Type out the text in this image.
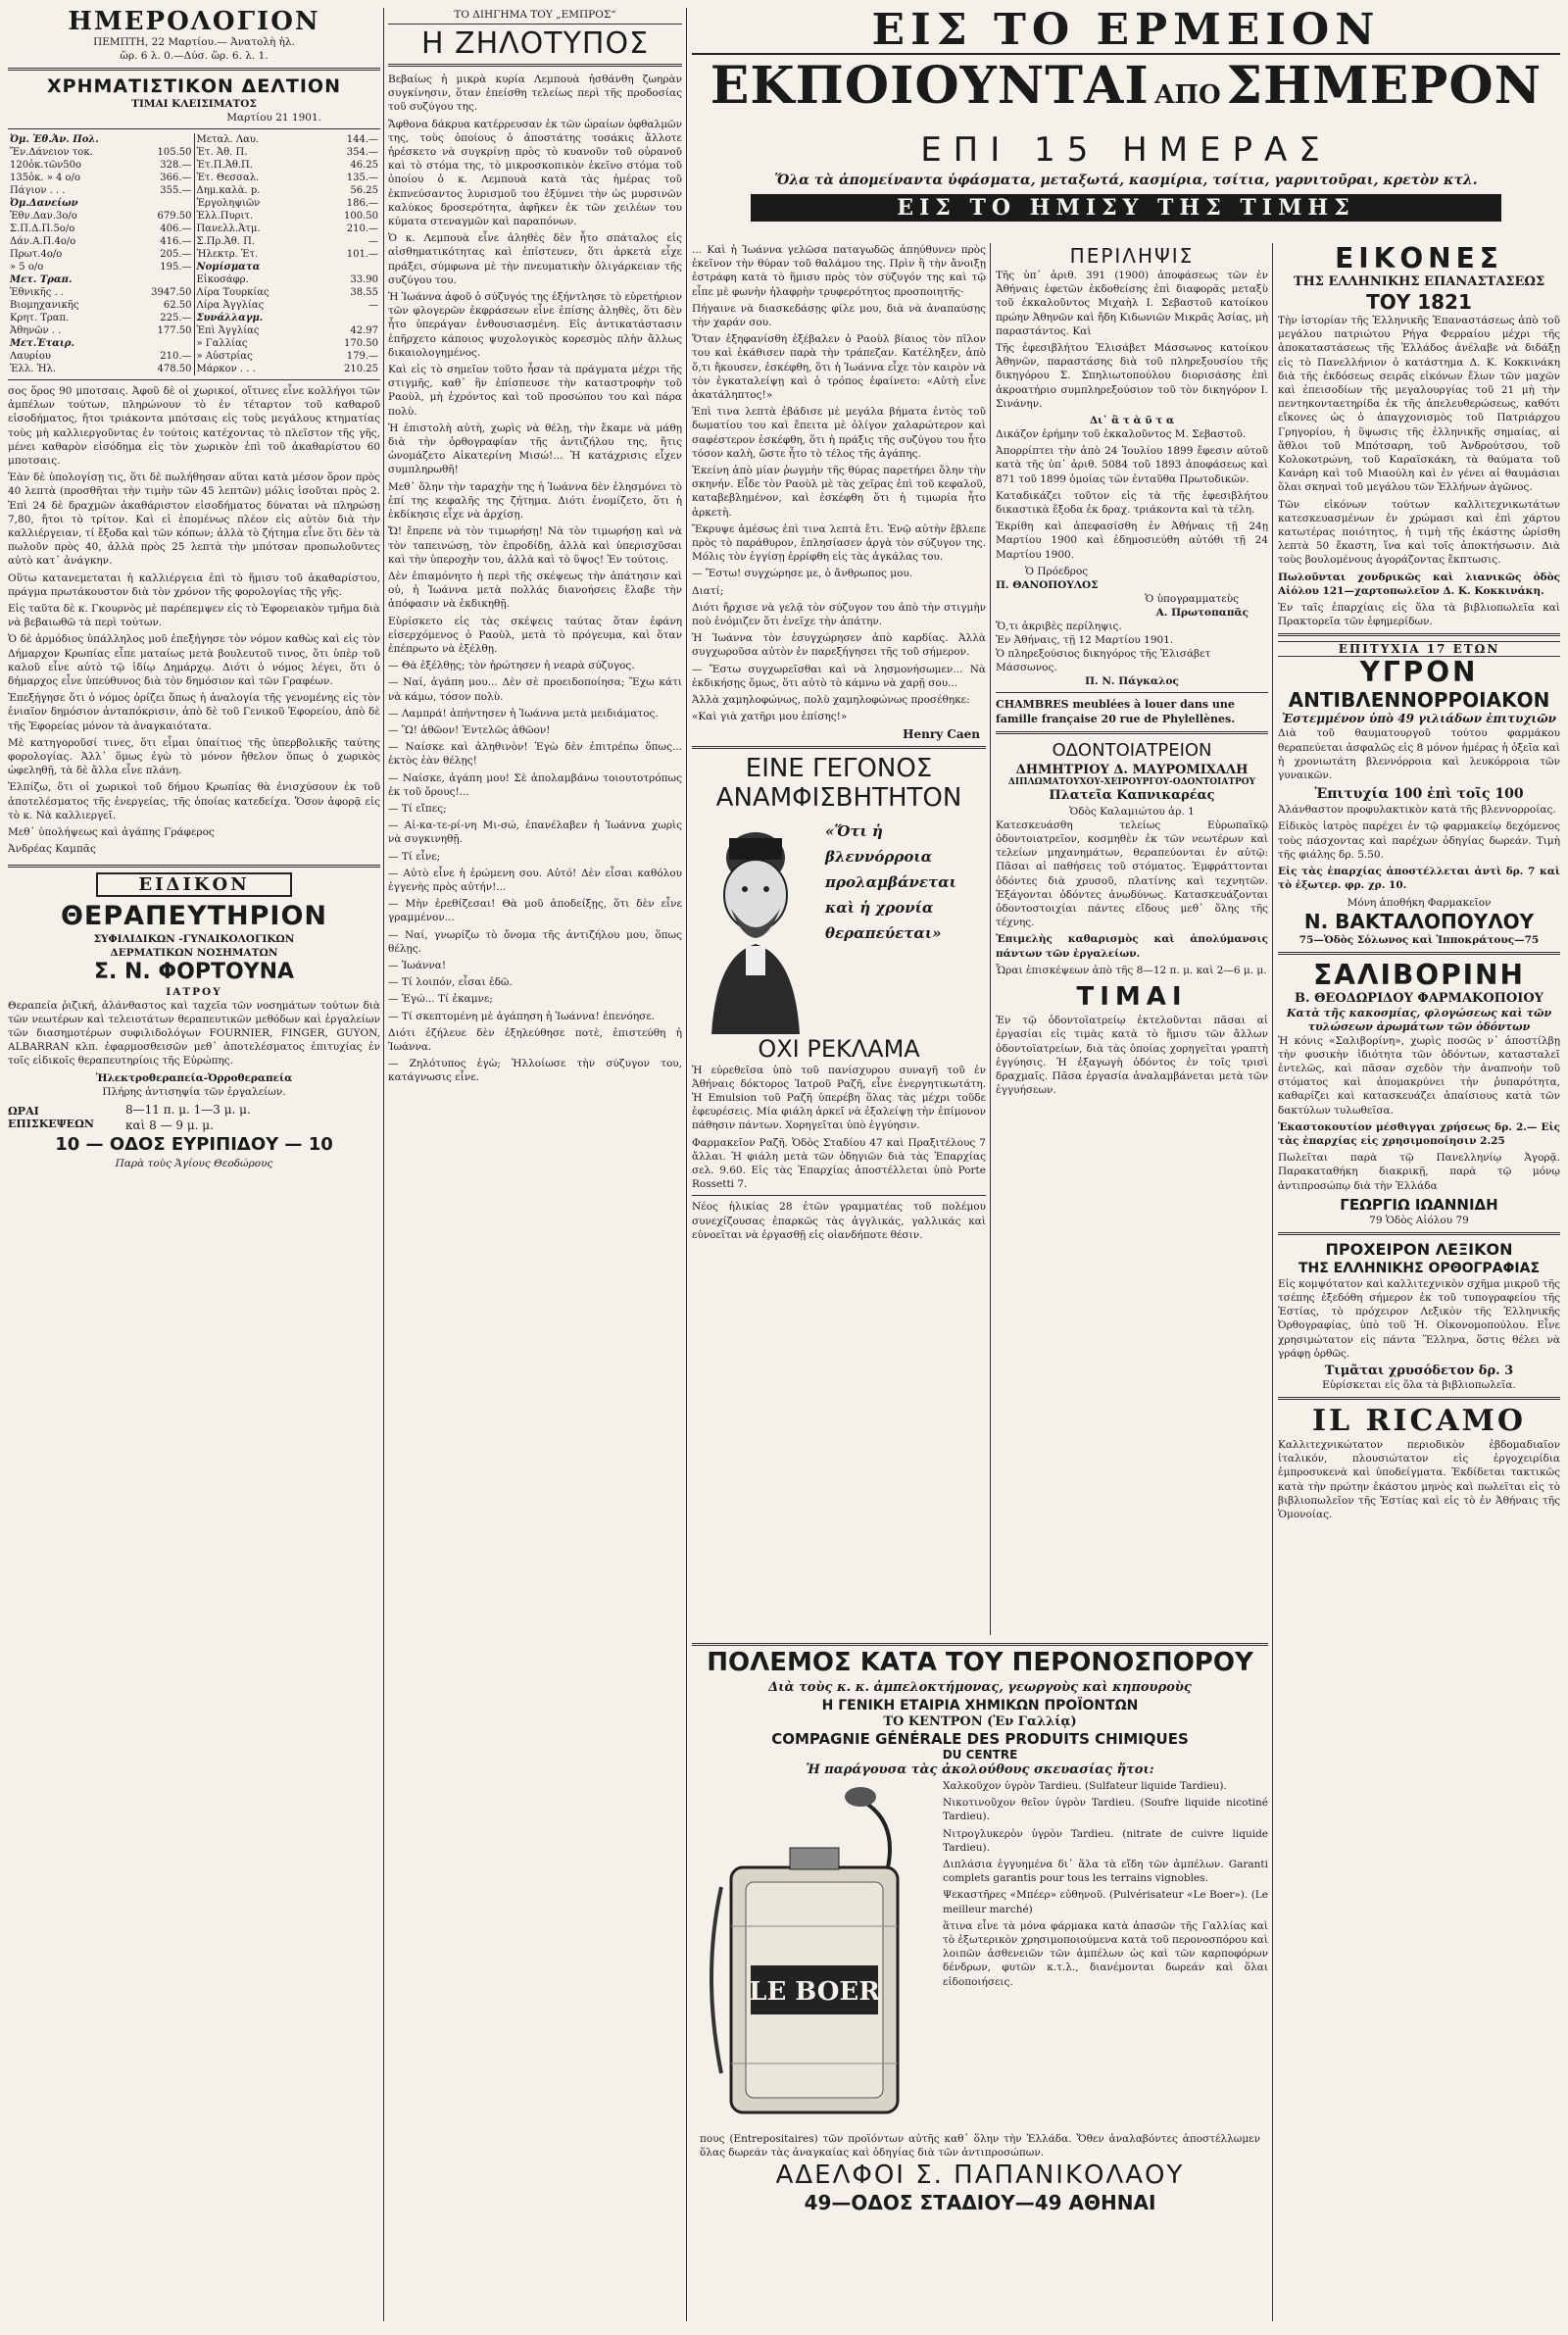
ΗΜΕΡΟΛΟΓΙΟΝ
ΠΕΜΠΤΗ, 22 Μαρτίου.— Ἀνατολὴ ἡλ.
ὥρ. 6 λ. 0.—Δύσ. ὥρ. 6. λ. 1.
ΧΡΗΜΑΤΙΣΤΙΚΟΝ ΔΕΛΤΙΟΝ
ΤΙΜΑΙ ΚΛΕΙΣΙΜΑΤΟΣ
Μαρτίου 21 1901.
Ὀμ. Ἐθ.Ἀν. Πολ.	
Ἔν.Δάνειον τοκ.	105.50
120ὁκ.τῶν50ο	328.—
135ὁκ. » 4 ο/ο	366.—
Πάγιον . . .	355.—
Ὀμ.Δανείων	
Ἐθν.Δαν.3ο/ο	679.50
Σ.Π.Δ.Π.5ο/ο	406.—
Δάν.Α.Π.4ο/ο	416.—
Πρωτ.4ο/ο	205.—
» 5 ο/ο	195.—
Μετ. Τραπ.	
Ἐθνικῆς . .	3947.50
Βιομηχανικῆς	62.50
Κρητ. Τραπ.	225.—
Ἀθηνῶν . .	177.50
Μετ.Ἑταιρ.	
Λαυρίου	210.—
Ἐλλ. Ἡλ.	478.50
Μεταλ. Λαυ.	144.—
Ἐτ. Ἀθ. Π.	354.—
Ἐτ.Π.Ἀθ.Π.	46.25
Ἐτ. Θεσσαλ.	135.—
Δημ.καλὰ. p.	56.25
Ἐργοληψιῶν	186.—
Ἑλλ.Πυριτ.	100.50
Πανελλ.Ἀτμ.	210.—
Σ.Πρ.Ἀθ. Π.	—
Ἠλεκτρ. Ἐτ.	101.—
Νομίσματα	
Εἰκοσάφρ.	33.90
Λίρα Τουρκίας	38.55
Λίρα Ἀγγλίας	—
Συνάλλαγμ.	
Ἐπὶ Ἀγγλίας	42.97
» Γαλλίας	170.50
» Αὐστρίας	179.—
Μάρκον . . .	210.25

σος ὅρος 90 μποτσαις. Ἀφοῦ δὲ οἱ χωρικοί, οἵτινες εἶνε κολλήγοι τῶν ἀμπέλων τούτων, πληρώνουν τὸ ἐν τέταρτον τοῦ καθαροῦ εἰσοδήματος, ἤτοι τριάκοντα μπότσαις εἰς τοὺς μεγάλους κτηματίας τοὺς μὴ καλλιεργοῦντας ἐν τούτοις κατέχοντας τὸ πλεῖστον τῆς γῆς, μένει καθαρὸν εἰσόδημα εἰς τὸν χωρικὸν ἐπὶ τοῦ ἀκαθαρίστου 60 μποτσαις.

Ἐὰν δὲ ὑπολογίσῃ τις, ὅτι δὲ πωλήθησαν αὕται κατὰ μέσον ὅρον πρὸς 40 λεπτὰ (προσθῆται τὴν τιμὴν τῶν 45 λεπτῶν) μόλις ἰσοῦται πρὸς 2. Ἐπὶ 24 δὲ δραχμῶν ἀκαθάριστον εἰσοδήματος δύναται νὰ πληρώσῃ 7,80, ἤτοι τὸ τρίτον. Καὶ εἰ ἐπομένως πλέον εἰς αὐτὸν διὰ τὴν καλλιέργειαν, τί ἔξοδα καὶ τῶν κόπων; ἀλλὰ τὸ ζήτημα εἶνε ὅτι δὲν τὰ πωλοῦν πρὸς 40, ἀλλὰ πρὸς 25 λεπτὰ τὴν μπότσαν προπωλοῦντες αὐτὸ κατ᾽ ἀνάγκην.

Οὕτω κατανεμεταται ἡ καλλιέργεια ἐπὶ τὸ ἥμισυ τοῦ ἀκαθαρίστου, πράγμα πρωτάκουστον διὰ τὸν χρόνον τῆς φορολογίας τῆς γῆς.

Εἰς ταῦτα δὲ κ. Γκουρνὸς μὲ παρέπεμψεν εἰς τὸ Ἐφορειακὸν τμῆμα διὰ νὰ βεβαιωθῶ τὰ περὶ τούτων.

Ὁ δὲ ἁρμόδιος ὑπάλληλος μοῦ ἐπεξήγησε τὸν νόμον καθὼς καὶ εἰς τὸν Δήμαρχον Κρωπίας εἶπε ματαίως μετὰ βουλευτοῦ τινος, ὅτι ὑπὲρ τοῦ καλοῦ εἶνε αὐτὸ τῷ ἰδίῳ Δημάρχῳ. Διότι ὁ νόμος λέγει, ὅτι ὁ δήμαρχος εἶνε ὑπεύθυνος διὰ τὸν δημόσιον καὶ τῶν Γραφέων.

Ἐπεξήγησε ὅτι ὁ νόμος ὁρίζει ὅπως ἡ ἀναλογία τῆς γενομένης εἰς τὸν ἐνιαῖον δημόσιον ἀνταπόκρισιν, ἀπὸ δὲ τοῦ Γενικοῦ Ἐφορείου, ἀπὸ δὲ τῆς Ἐφορείας μόνον τὰ ἀναγκαιότατα.

Μὲ κατηγοροῦσί τινες, ὅτι εἶμαι ὑπαίτιος τῆς ὑπερβολικῆς ταύτης φορολογίας. Ἀλλ᾽ ὅμως ἐγὼ τὸ μόνον ἤθελον ὅπως ὁ χωρικὸς ὠφεληθῇ, τὰ δὲ ἄλλα εἶνε πλάνη.

Ἐλπίζω, ὅτι οἱ χωρικοὶ τοῦ δήμου Κρωπίας θὰ ἐνισχύσουν ἐκ τοῦ ἀποτελέσματος τῆς ἐνεργείας, τῆς ὁποίας κατεδείχα. Ὅσον ἀφορᾷ εἰς τὸ κ. Νὰ καλλιεργεῖ.

Μεθ᾽ ὑπολήψεως καὶ ἀγάπης Γράφερος

Ἀνδρέας Καμπᾶς

ΕΙΔΙΚΟΝ
ΘΕΡΑΠΕΥΤΗΡΙΟΝ
ΣΥΦΙΛΙΔΙΚΩΝ -ΓΥΝΑΙΚΟΛΟΓΙΚΩΝ
ΔΕΡΜΑΤΙΚΩΝ ΝΟΣΗΜΑΤΩΝ
Σ. Ν. ΦΟΡΤΟΥΝΑ
ΙΑΤΡΟΥ

Θεραπεία ῥιζική, ἀλάνθαστος καὶ ταχεῖα τῶν νοσημάτων τούτων διὰ τῶν νεωτέρων καὶ τελειοτάτων θεραπευτικῶν μεθόδων καὶ ἐργαλείων τῶν διασημοτέρων συφιλιδολόγων FOURNIER, FINGER, GUYON, ALBARRAN κλπ. ἐφαρμοσθεισῶν μεθ᾽ ἀποτελέσματος ἐπιτυχίας ἐν τοῖς εἰδικοῖς θεραπευτηρίοις τῆς Εὐρώπης.

Ἠλεκτροθεραπεία-Ὀρροθεραπεία
Πλήρης ἀντισηψία τῶν ἐργαλείων.
ΩΡΑΙ ΕΠΙΣΚΕΨΕΩΝ
8—11 π. μ. 1—3 μ. μ.
καὶ 8 — 9 μ. μ.
10 — ΟΔΟΣ ΕΥΡΙΠΙΔΟΥ — 10
Παρὰ τοὺς Ἁγίους Θεοδώρους
ΤΟ ΔΙΗΓΗΜΑ ΤΟΥ „ΕΜΠΡΟΣ“
Η ΖΗΛΟΤΥΠΟΣ

Βεβαίως ἡ μικρὰ κυρία Λεμπουὰ ἠσθάνθη ζωηρὰν συγκίνησιν, ὅταν ἐπείσθη τελείως περὶ τῆς προδοσίας τοῦ συζύγου της.

Ἄφθονα δάκρυα κατέρρευσαν ἐκ τῶν ὡραίων ὀφθαλμῶν της, τοὺς ὁποίους ὁ ἀποστάτης τοσάκις ἄλλοτε ἠρέσκετο νὰ συγκρίνῃ πρὸς τὸ κυανοῦν τοῦ οὐρανοῦ καὶ τὸ στόμα της, τὸ μικροσκοπικὸν ἐκεῖνο στόμα τοῦ ὁποίου ὁ κ. Λεμπουὰ κατὰ τὰς ἡμέρας τοῦ ἐκπνεύσαντος λυρισμοῦ του ἐξύμνει τὴν ὡς μυρσινῶν καλύκος δροσερότητα, ἀφῆκεν ἐκ τῶν χειλέων του κύματα στεναγμῶν καὶ παραπόνων.

Ὁ κ. Λεμπουὰ εἶνε ἀληθὲς δὲν ἦτο σπάταλος εἰς αἰσθηματικότητας καὶ ἐπίστευεν, ὅτι ἀρκετὰ εἶχε πράξει, σύμφωνα μὲ τὴν πνευματικὴν ὀλιγάρκειαν τῆς συζύγου του.

Ἡ Ἰωάννα ἀφοῦ ὁ σύζυγός της ἐξήντλησε τὸ εὐρετήριον τῶν φλογερῶν ἐκφράσεων εἶνε ἐπίσης ἀληθὲς, ὅτι δὲν ἦτο ὑπεράγαν ἐνθουσιασμένη. Εἰς ἀντικατάστασιν ἐπῆρχετο κάποιος ψυχολογικὸς κορεσμὸς πλὴν ἄλλως δικαιολογημένος.

Καὶ εἰς τὸ σημεῖον τοῦτο ἦσαν τὰ πράγματα μέχρι τῆς στιγμῆς, καθ᾽ ἣν ἐπίσπευσε τὴν καταστροφὴν τοῦ Ραοὺλ, μὴ ἐχρόντος καὶ τοῦ προσώπου του καὶ πάρα πολὺ.

Ἡ ἐπιστολὴ αὐτὴ, χωρὶς νὰ θέλῃ, τὴν ἔκαμε νὰ μάθῃ διὰ τὴν ὀρθογραφίαν τῆς ἀντιζήλου της, ἥτις ὠνομάζετο Αἰκατερίνη Μισώ!... Ἡ κατάχρισις εἶχεν συμπληρωθῆ!

Μεθ᾽ ὅλην τὴν ταραχὴν της ἡ Ἰωάννα δὲν ἐλησμόνει τὸ ἐπί της κεφαλῆς της ζήτημα. Διότι ἐνομίζετο, ὅτι ἡ ἐκδίκησις εἶχε νὰ ἀρχίσῃ.

Ὤ! ἔπρεπε νὰ τὸν τιμωρήσῃ! Νὰ τὸν τιμωρήσῃ καὶ νὰ τὸν ταπεινώσῃ, τὸν ἐπροδίδῃ, ἀλλὰ καὶ ὑπερισχῦσαι καὶ τὴν ὑπεροχὴν του, ἀλλὰ καὶ τὸ ὕψος! Ἐν τούτοις.

Δὲν ἐπιαμόνητο ἡ περὶ τῆς σκέψεως τὴν ἀπάτησιν καὶ οὐ, ἡ Ἰωάννα μετὰ πολλάς διανοήσεις ἔλαβε τὴν ἀπόφασιν νὰ ἐκδικηθῇ.

Εὑρίσκετο εἰς τὰς σκέψεις ταύτας ὅταν ἐφάνη εἰσερχόμενος ὁ Ραοὺλ, μετὰ τὸ πρόγευμα, καὶ ὅταν ἐπέπρωτο νὰ ἐξέλθῃ.

— Θὰ ἐξέλθῃς; τὸν ἠρώτησεν ἡ νεαρὰ σύζυγος.

— Ναί, ἀγάπη μου... Δὲν σὲ προειδοποίησα; Ἔχω κάτι νὰ κάμω, τόσον πολὺ.

— Λαμπρά! ἀπήντησεν ἡ Ἰωάννα μετὰ μειδιάματος.

— Ὢ! ἀθῶον! Ἐντελῶς ἀθῶον!

— Ναίσκε καὶ ἀληθινὸν! Ἐγὼ δὲν ἐπιτρέπω ὅπως... ἐκτὸς ἐὰν θέλῃς!

— Ναίσκε, ἀγάπη μου! Σὲ ἀπολαμβάνω τοιουτοτρόπως ἐκ τοῦ ὄρους!...

— Τί εἴπες;

— Αἱ-κα-τε-ρί-νη Μι-σώ, ἐπανέλαβεν ἡ Ἰωάννα χωρὶς νὰ συγκινηθῇ.

— Τί εἶνε;

— Αὐτὸ εἶνε ἡ ἐρώμενη σου. Αὐτό! Δὲν εἶσαι καθόλου ἐγγενὴς πρὸς αὐτήν!...

— Μὴν ἐρεθίζεσαι! Θὰ μοῦ ἀποδείξῃς, ὅτι δὲν εἶνε γραμμένον...

— Ναί, γνωρίζω τὸ ὄνομα τῆς ἀντιζήλου μου, ὅπως θέλῃς.

— Ἰωάννα!

— Τί λοιπόν, εἶσαι ἐδῶ.

— Ἐγώ... Τί ἐκαμνε;

— Τί σκεπτομένη μὲ ἀγάπηση ἡ Ἰωάννα! ἐπενόησε.

Διότι ἐζήλευε δὲν ἐξηλεύθησε ποτὲ, ἐπιστεύθη ἡ Ἰωάννα.

— Ζηλότυπος ἐγὼ; Ἠλλοίωσε τὴν σύζυγον του, κατάγνωσις εἶνε.

ΕΙΣ ΤΟ ΕΡΜΕΙΟΝ
ΕΚΠΟΙΟΥΝΤΑΙ ΑΠΟ ΣΗΜΕΡΟΝ
ΕΠΙ 15 ΗΜΕΡΑΣ
Ὅλα τὰ ἀπομείναντα ὑφάσματα, μεταξωτά, κασμίρια, τσίτια, γαρνιτοῦραι, κρετὸν κτλ.
ΕΙΣ ΤΟ ΗΜΙΣΥ ΤΗΣ ΤΙΜΗΣ

... Καὶ ἡ Ἰωάννα γελῶσα παταγωδῶς ἀπηύθυνεν πρὸς ἐκεῖνον τὴν θύραν τοῦ θαλάμου της. Πρὶν ἢ τὴν ἄνοιξῃ ἐστράφη κατὰ τὸ ἥμισυ πρὸς τὸν σύζυγόν της καὶ τῷ εἶπε μὲ φωνὴν ἠλαφρὴν τρυφερότητος προσποιητῆς·

Πήγαινε νὰ διασκεδάσῃς φίλε μου, διὰ νὰ ἀναπαύσῃς τὴν χαράν σου.

Ὅταν ἐξηφανίσθη ἐξέβαλεν ὁ Ραοὺλ βίαιος τὸν πῖλον του καὶ ἐκάθισεν παρὰ τὴν τράπεζαν. Κατέληξεν, ἀπὸ ὅ,τι ἤκουσεν, ἐσκέφθη, ὅτι ἡ Ἰωάννα εἶχε τὸν καιρὸν νὰ τὸν ἐγκαταλείψῃ καὶ ὁ τρόπος ἐφαίνετο: «Αὐτὴ εἶνε ἀκατάληπτος!»

Ἐπὶ τινα λεπτὰ ἐβάδισε μὲ μεγάλα βήματα ἐντὸς τοῦ δωματίου του καὶ ἔπειτα μὲ ὀλίγον χαλαρώτερον καὶ σαφέστερον ἐσκέφθη, ὅτι ἡ πράξις τῆς συζύγου του ἦτο τόσον καλὴ, ὥστε ἦτο τὸ τέλος τῆς ἀγάπης.

Ἐκείνη ἀπὸ μίαν ῥωγμὴν τῆς θύρας παρετήρει ὅλην τὴν σκηνήν. Εἶδε τὸν Ραοὺλ μὲ τὰς χεῖρας ἐπὶ τοῦ κεφαλοῦ, καταβεβλημένον, καὶ ἐσκέφθη ὅτι ἡ τιμωρία ἦτο ἀρκετὴ.

Ἔκρυψε ἀμέσως ἐπὶ τινα λεπτὰ ἔτι. Ἐνῷ αὐτὴν ἔβλεπε πρὸς τὸ παράθυρον, ἐπλησίασεν ἀργὰ τὸν σύζυγον της. Μόλις τὸν ἐγγίσῃ ἐρρίφθη εἰς τὰς ἀγκάλας του.

— Ἔστω! συγχώρησε με, ὁ ἄνθρωπος μου.

Διατί;

Διότι ἤρχισε νὰ γελᾷ τὸν σύζυγον του ἀπὸ τὴν στιγμὴν ποὺ ἐνόμιζεν ὅτι ἐνεῖχε τὴν ἀπάτην.

Ἡ Ἰωάννα τὸν ἐσυγχώρησεν ἀπὸ καρδίας. Ἀλλὰ συγχωροῦσα αὐτὸν ἐν παρεξήγησει τῆς τοῦ σήμερον.

— Ἔστω συγχωρεῖσθαι καὶ νὰ λησμονήσωμεν... Νὰ ἐκδικήσῃς ὅμως, ὅτι αὐτὸ τὸ κάμνω νὰ χαρῇ σου...

Ἀλλὰ χαμηλοφώνως, πολὺ χαμηλοφώνως προσέθηκε:

«Καὶ γιὰ χατῆρι μου ἐπίσης!»

Henry Caen
ΕΙΝΕ ΓΕΓΟΝΟΣ
ΑΝΑΜΦΙΣΒΗΤΗΤΟΝ
«Ὅτι ἡ βλεννόρροια προλαμβάνεται καὶ ἡ χρονία θεραπεύεται»
ΟΧΙ ΡΕΚΛΑΜΑ

Ἡ εὐρεθεῖσα ὑπὸ τοῦ πανίσχυρου συναγῆ τοῦ ἐν Ἀθήναις δόκτορος Ἰατροῦ Ραζῆ, εἶνε ἐνεργητικωτάτη. Ἡ Emulsion τοῦ Ραζῆ ὑπερέβη ὅλας τὰς μέχρι τοῦδε ἐφευρέσεις. Μία φιάλη ἀρκεῖ νὰ ἐξαλείψῃ τὴν ἐπίμονον πάθησιν πάντων. Χορηγεῖται ὑπὸ ἐγγύησιν.

Φαρμακεῖον Ραζῆ. Ὁδὸς Σταδίου 47 καὶ Πραξιτέλους 7 ἄλλαι. Ἡ φιάλη μετὰ τῶν ὁδηγιῶν διὰ τὰς Ἐπαρχίας σελ. 9.60. Εἰς τὰς Ἐπαρχίας ἀποστέλλεται ὑπὸ Porte Rossetti 7.

Νέος ἡλικίας 28 ἐτῶν γραμματέας τοῦ πολέμου συνεχίζουσας ἐπαρκῶς τὰς ἀγγλικάς, γαλλικάς καὶ εὐνοεῖται νὰ ἐργασθῇ εἰς οἱανδήποτε θέσιν.

ΠΕΡΙΛΗΨΙΣ

Τῆς ὑπ᾽ ἀριθ. 391 (1900) ἀποφάσεως τῶν ἐν Ἀθήναις ἐφετῶν ἐκδοθείσης ἐπὶ διαφορᾶς μεταξὺ τοῦ ἐκκαλοῦντος Μιχαὴλ Ι. Σεβαστοῦ κατοίκου πρώην Ἀθηνῶν καὶ ἤδη Κιδωνιῶν Μικρᾶς Ἀσίας, μὴ παραστάντος. Καὶ

Τῆς ἐφεσιβλήτου Ἐλισάβετ Μάσσωνος κατοίκου Ἀθηνῶν, παραστάσης διὰ τοῦ πληρεξουσίου τῆς δικηγόρου Σ. Σπηλιωτοπούλου διορισάσης ἐπὶ ἀκροατήριο συμπληρεξούσιον τοῦ τὸν δικηγόρον Ι. Σινάνην.

Δι᾽ ἃ τ ὰ ῦ τ α

Δικάζον ἐρήμην τοῦ ἐκκαλοῦντος Μ. Σεβαστοῦ.

Ἀπορρίπτει τὴν ἀπὸ 24 Ἰουλίου 1899 ἔφεσιν αὐτοῦ κατὰ τῆς ὑπ᾽ ἀριθ. 5084 τοῦ 1893 ἀποφάσεως καὶ 871 τοῦ 1899 ὁμοίας τῶν ἐνταῦθα Πρωτοδικῶν.

Καταδικάζει τοῦτον εἰς τὰ τῆς ἐφεσιβλήτου δικαστικὰ ἔξοδα ἐκ δραχ. τριάκοντα καὶ τὰ τέλη.

Ἐκρίθη καὶ ἀπεφασίσθη ἐν Ἀθήναις τῇ 24ῃ Μαρτίου 1900 καὶ ἐδημοσιεύθη αὐτόθι τῇ 24 Μαρτίου 1900.

Ὁ Πρόεδρος
Π. ΘΑΝΟΠΟΥΛΟΣ
Ὁ ὑπογραμματεὺς
Α. Πρωτοπαπᾶς
Ὅ,τι ἀκριβὲς περίληψις.
Ἐν Ἀθήναις, τῇ 12 Μαρτίου 1901.
Ὁ πληρεξούσιος δικηγόρος τῆς Ἐλισάβετ Μάσσωνος.
Π. Ν. Πάγκαλος
CHAMBRES meublées à louer dans une famille française 20 rue de Phylellènes.
ΟΔΟΝΤΟΙΑΤΡΕΙΟΝ
ΔΗΜΗΤΡΙΟΥ Δ. ΜΑΥΡΟΜΙΧΑΛΗ
ΔΙΠΛΩΜΑΤΟΥΧΟΥ-ΧΕΙΡΟΥΡΓΟΥ-ΟΔΟΝΤΟΙΑΤΡΟΥ
Πλατεῖα Καπνικαρέας
Ὁδὸς Καλαμιώτου ἀρ. 1

Κατεσκευάσθη τελείως Εὐρωπαϊκῷ ὀδοντοιατρεῖον, κοσμηθὲν ἐκ τῶν νεωτέρων καὶ τελείων μηχανημάτων, θεραπεύονται ἐν αὐτῷ: Πᾶσαι αἱ παθήσεις τοῦ στόματος. Ἐμφράττονται ὀδόντες διὰ χρυσοῦ, πλατίνης καὶ τεχνητῶν. Ἐξάγονται ὀδόντες ἀνωδύνως. Κατασκευάζονται ὀδοντοστοιχίαι πάντες εἴδους μεθ᾽ ὅλης τῆς τέχνης.

Ἐπιμελὴς καθαρισμὸς καὶ ἀπολύμανσις πάντων τῶν ἐργαλείων.

Ὧραι ἐπισκέψεων ἀπὸ τῆς 8—12 π. μ. καὶ 2—6 μ. μ.

ΤΙΜΑΙ

Ἐν τῷ ὀδοντοϊατρείῳ ἐκτελοῦνται πᾶσαι αἱ ἐργασίαι εἰς τιμὰς κατὰ τὸ ἥμισυ τῶν ἄλλων ὀδοντοϊατρείων, διὰ τὰς ὁποίας χορηγεῖται γραπτὴ ἐγγύησις. Ἡ ἐξαγωγὴ ὀδόντος ἐν τοῖς τρισὶ δραχμαῖς. Πᾶσα ἐργασία ἀναλαμβάνεται μετὰ τῶν ἐγγυήσεων.

ΠΟΛΕΜΟΣ ΚΑΤΑ ΤΟΥ ΠΕΡΟΝΟΣΠΟΡΟΥ
Διὰ τοὺς κ. κ. ἀμπελοκτήμονας, γεωργοὺς καὶ κηπουροὺς
Η ΓΕΝΙΚΗ ΕΤΑΙΡΙΑ ΧΗΜΙΚΩΝ ΠΡΟΪΟΝΤΩΝ
ΤΟ ΚΕΝΤΡΟΝ (Ἐν Γαλλίᾳ)
COMPAGNIE GÉNÉRALE DES PRODUITS CHIMIQUES
DU CENTRE
Ἡ παράγουσα τὰς ἀκολούθους σκευασίας ἤτοι:
LE BOER

Χαλκοῦχον ὑγρὸν Tardieu. (Sulfateur liquide Tardieu).

Νικοτινοῦχον θεῖον ὑγρὸν Tardieu. (Soufre liquide nicotiné Tardieu).

Νιτρογλυκερὸν ὑγρὸν Tardieu. (nitrate de cuivre liquide Tardieu).

Διπλάσια ἐγγυημένα δι᾽ ἅλα τὰ εἴδη τῶν ἀμπέλων. Garanti complets garantis pour tous les terrains vignobles.

Ψεκαστῆρες «Μπέερ» εὐθηνοῦ. (Pulvérisateur «Le Boer»). (Le meilleur marché)

ἅτινα εἶνε τὰ μόνα φάρμακα κατὰ ἀπασῶν τῆς Γαλλίας καὶ τὸ ἐξωτερικὸν χρησιμοποιούμενα κατὰ τοῦ περονοσπόρου καὶ λοιπῶν ἀσθενειῶν τῶν ἀμπέλων ὡς καὶ τῶν καρποφόρων δένδρων, φυτῶν κ.τ.λ., διανέμονται δωρεάν καὶ ὅλαι εἰδοποιήσεις.

πους (Entrepositaires) τῶν προϊόντων αὐτῆς καθ᾽ ὅλην τὴν Ἑλλάδα. Ὅθεν ἀναλαβόντες ἀποστέλλωμεν ὅλας δωρεάν τὰς ἀναγκαίας καὶ ὁδηγίας διὰ τῶν ἀντιπροσώπων.

ΑΔΕΛΦΟΙ Σ. ΠΑΠΑΝΙΚΟΛΑΟΥ
49—ΟΔΟΣ ΣΤΑΔΙΟΥ—49 ΑΘΗΝΑΙ
ΕΙΚΟΝΕΣ
ΤΗΣ ΕΛΛΗΝΙΚΗΣ ΕΠΑΝΑΣΤΑΣΕΩΣ
ΤΟΥ 1821

Τὴν ἱστορίαν τῆς Ἑλληνικῆς Ἐπαναστάσεως ἀπὸ τοῦ μεγάλου πατριώτου Ρήγα Φερραίου μέχρι τῆς ἀποκαταστάσεως τῆς Ἑλλάδος ἀνέλαβε νὰ διδάξῃ εἰς τὸ Πανελλήνιον ὁ κατάστημα Δ. Κ. Κοκκινάκη διὰ τῆς ἐκδόσεως σειρᾶς εἰκόνων ἔλων τῶν μαχῶν καὶ ἐπεισοδίων τῆς μεγαλουργίας τοῦ 21 μὴ τὴν πεντηκονταετηρίδα ἐκ τῆς ἀπελευθερώσεως, καθότι εἴκονες ὡς ὁ ἀπαγχονισμὸς τοῦ Πατριάρχου Γρηγορίου, ἡ ὕψωσις τῆς ἑλληνικῆς σημαίας, αἱ ἄθλοι τοῦ Μπότσαρη, τοῦ Ἀνδρούτσου, τοῦ Κολοκοτρώνη, τοῦ Καραϊσκάκη, τὰ θαύματα τοῦ Κανάρη καὶ τοῦ Μιαούλη καὶ ἐν γένει αἱ θαυμάσιαι ὅλαι σκηναὶ τοῦ μεγάλου τῶν Ἑλλήνων ἀγῶνος.

Τῶν εἰκόνων τούτων καλλιτεχνικωτάτων κατεσκευασμένων ἐν χρώμασι καὶ ἐπὶ χάρτου κατωτέρας ποιότητος, ἡ τιμὴ τῆς ἑκάστης ὡρίσθη λεπτὰ 50 ἕκαστη, ἵνα καὶ τοῖς ἀποκτήσωσιν. Διὰ τοὺς βουλομένους ἀγοράζοντας ἔκπτωσις.

Πωλοῦνται χονδρικῶς καὶ λιανικῶς ὁδὸς Αἰόλου 121—χαρτοπωλεῖον Δ. Κ. Κοκκινάκη.

Ἐν ταῖς ἐπαρχίαις εἰς ὅλα τὰ βιβλιοπωλεῖα καὶ Πρακτορεῖα τῶν ἐφημερίδων.

ΕΠΙΤΥΧΙΑ 17 ΕΤΩΝ
ΥΓΡΟΝ
ΑΝΤΙΒΛΕΝΝΟΡΡΟΙΑΚΟΝ
Ἐστεμμένον ὑπὸ 49 γιλιάδων ἐπιτυχιῶν

Διὰ τοῦ θαυματουργοῦ τούτου φαρμάκου θεραπεύεται ἀσφαλῶς εἰς 8 μόνον ἡμέρας ἡ ὀξεῖα καὶ ἡ χρονιωτάτη βλεννόρροια καὶ λευκόρροια τῶν γυναικῶν.

Ἐπιτυχία 100 ἐπὶ τοῖς 100

Ἀλάνθαστον προφυλακτικὸν κατὰ τῆς βλεννορροίας.

Εἰδικὸς ἰατρὸς παρέχει ἐν τῷ φαρμακείῳ δεχόμενος τοὺς πάσχοντας καὶ παρέχων ὁδηγίας δωρεάν. Τιμὴ τῆς φιάλης δρ. 5.50.

Εἰς τὰς ἐπαρχίας ἀποστέλλεται ἀντὶ δρ. 7 καὶ τὸ ἐξωτερ. φρ. χρ. 10.

Μόνη ἀποθήκη Φαρμακεῖον
Ν. ΒΑΚΤΑΛΟΠΟΥΛΟΥ
75—Ὁδὸς Σόλωνος καὶ Ἱπποκράτους—75
ΣΑΛΙΒΟΡΙΝΗ
Β. ΘΕΟΔΩΡΙΔΟΥ ΦΑΡΜΑΚΟΠΟΙΟΥ
Κατὰ τῆς κακοσμίας, φλογώσεως καὶ τῶν τυλώσεων ἀρωμάτων τῶν ὀδόντων

Ἡ κόνις «Σαλιβορίνη», χωρὶς ποσῶς ν᾽ ἀποστίλβῃ τὴν φυσικὴν ἰδιότητα τῶν ὀδόντων, κατασταλεῖ ἐντελῶς, καὶ πᾶσαν σχεδὸν τὴν ἀναπνοὴν τοῦ στόματος καὶ ἀπομακρύνει τὴν ῥυπαρότητα, καθαρίζει καὶ κατασκευάζει ἀπαίσιους κατὰ τῶν δακτύλων τυλωθεῖσα.

Ἑκαστοκουτίον μέσθιγγαι χρήσεως δρ. 2.— Εἰς τὰς ἐπαρχίας εἰς χρησιμοποίησιν 2.25

Πωλεῖται παρὰ τῷ Πανελληνίῳ Ἀγορᾷ. Παρακαταθήκη διακρικῇ, παρὰ τῷ μόνῳ ἀντιπροσώπῳ διὰ τὴν Ἑλλάδα

ΓΕΩΡΓΙΩ ΙΩΑΝΝΙΔΗ
79 Ὁδὸς Αἰόλου 79
ΠΡΟΧΕΙΡΟΝ ΛΕΞΙΚΟΝ
ΤΗΣ ΕΛΛΗΝΙΚΗΣ ΟΡΘΟΓΡΑΦΙΑΣ

Εἰς κομψότατον καὶ καλλιτεχνικὸν σχῆμα μικροῦ τῆς τσέπης ἐξεδόθη σήμερον ἐκ τοῦ τυπογραφείου τῆς Ἑστίας, τὸ πρόχειρον Λεξικὸν τῆς Ἑλληνικῆς Ὀρθογραφίας, ὑπὸ τοῦ Ἡ. Οἰκονομοπούλου. Εἶνε χρησιμώτατον εἰς πάντα Ἕλληνα, ὅστις θέλει νὰ γράφῃ ὀρθῶς.

Τιμᾶται χρυσόδετον δρ. 3
Εὑρίσκεται εἰς ὅλα τὰ βιβλιοπωλεῖα.
IL RICAMO

Καλλιτεχνικώτατον περιοδικὸν ἐβδομαδιαῖον ἰταλικόν, πλουσιώτατον εἰς ἐργοχειρίδια ἐμπροσυκενὰ καὶ ὑποδείγματα. Ἐκδίδεται τακτικῶς κατὰ τὴν πρώτην ἑκάστου μηνὸς καὶ πωλεῖται εἰς τὸ βιβλιοπωλεῖον τῆς Ἑστίας καὶ εἰς τὸ ἐν Ἀθήναις τῆς Ὁμονοίας.
